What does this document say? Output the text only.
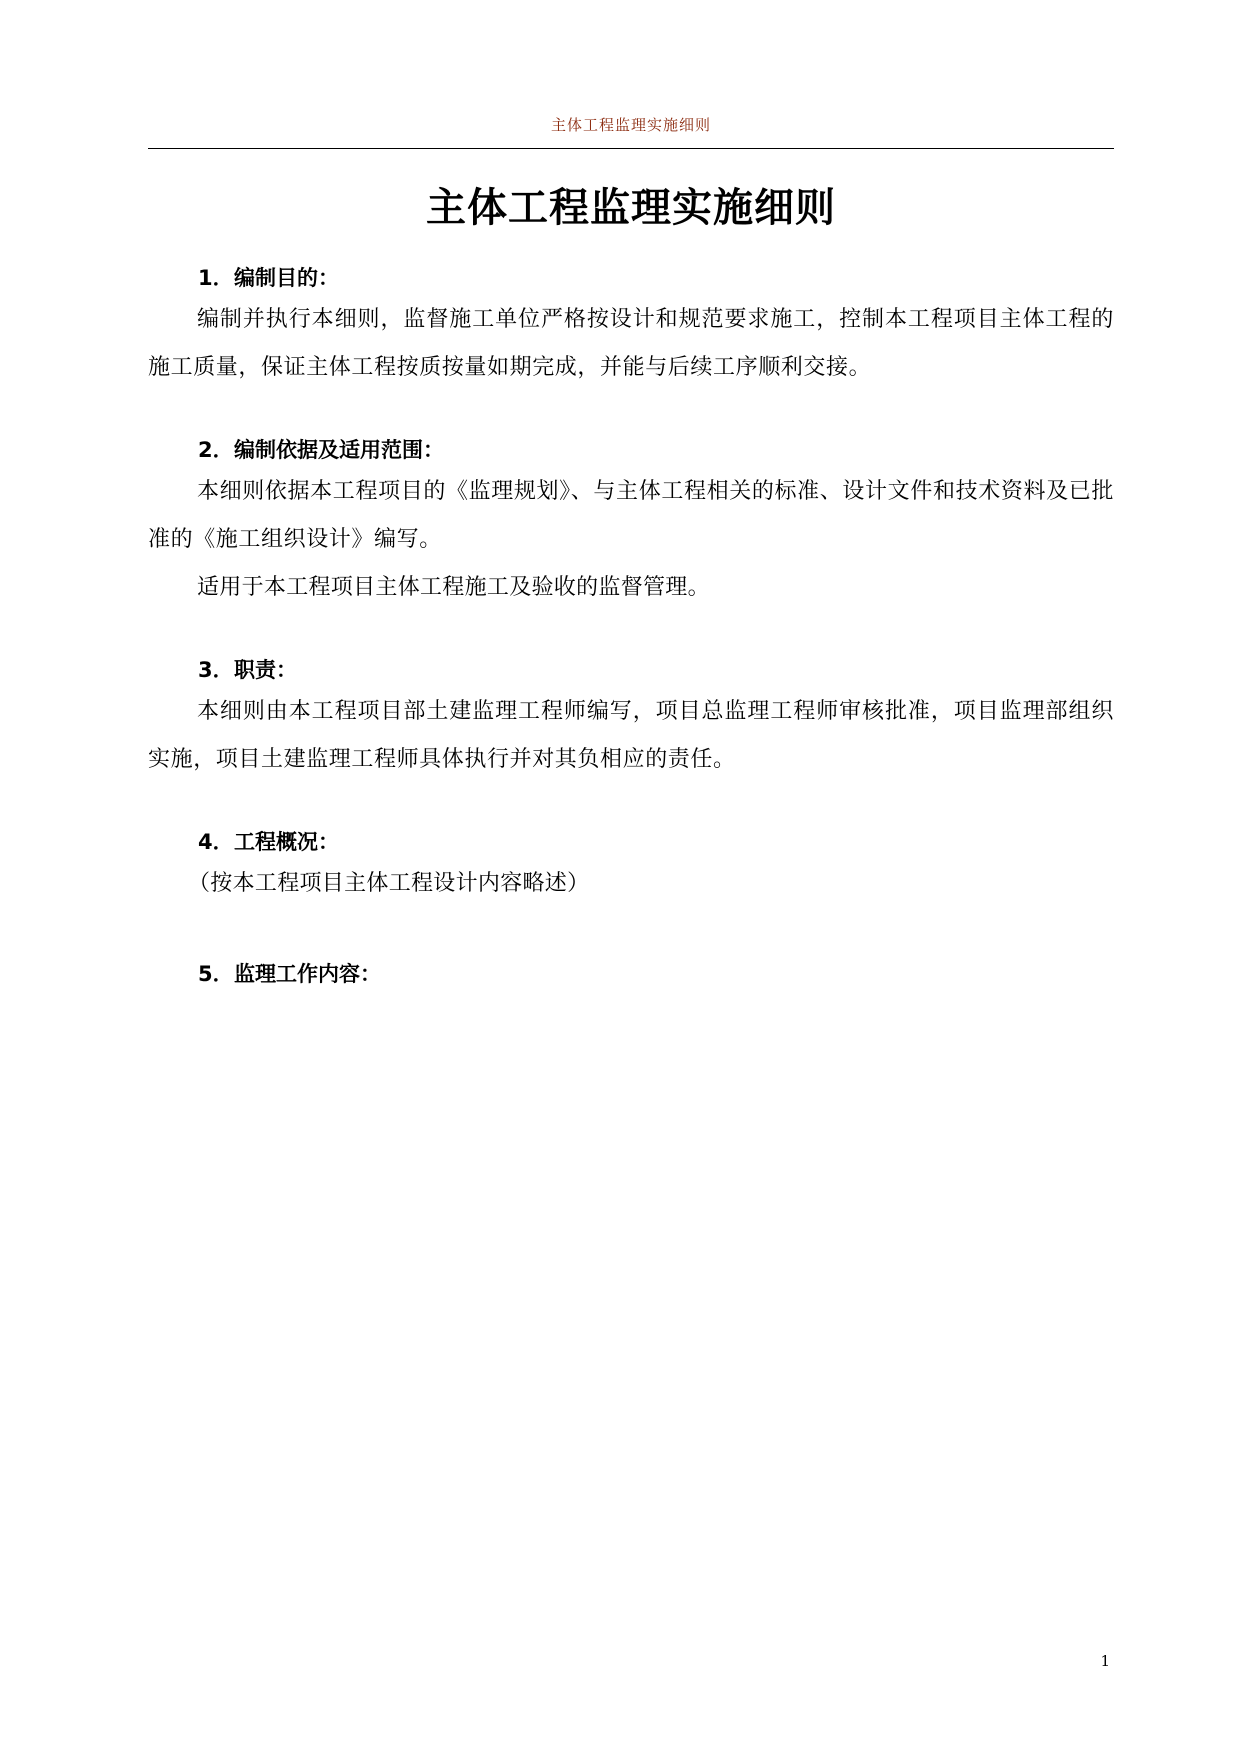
主体工程监理实施细则
主体工程监理实施细则
1．编制目的：

编制并执行本细则，监督施工单位严格按设计和规范要求施工，控制本工程项目主体工程的施工质量，保证主体工程按质按量如期完成，并能与后续工序顺利交接。

2．编制依据及适用范围：

本细则依据本工程项目的《监理规划》、与主体工程相关的标准、设计文件和技术资料及已批准的《施工组织设计》编写。

适用于本工程项目主体工程施工及验收的监督管理。

3．职责：

本细则由本工程项目部土建监理工程师编写，项目总监理工程师审核批准，项目监理部组织实施，项目土建监理工程师具体执行并对其负相应的责任。

4．工程概况：

（按本工程项目主体工程设计内容略述）

5．监理工作内容：
1
